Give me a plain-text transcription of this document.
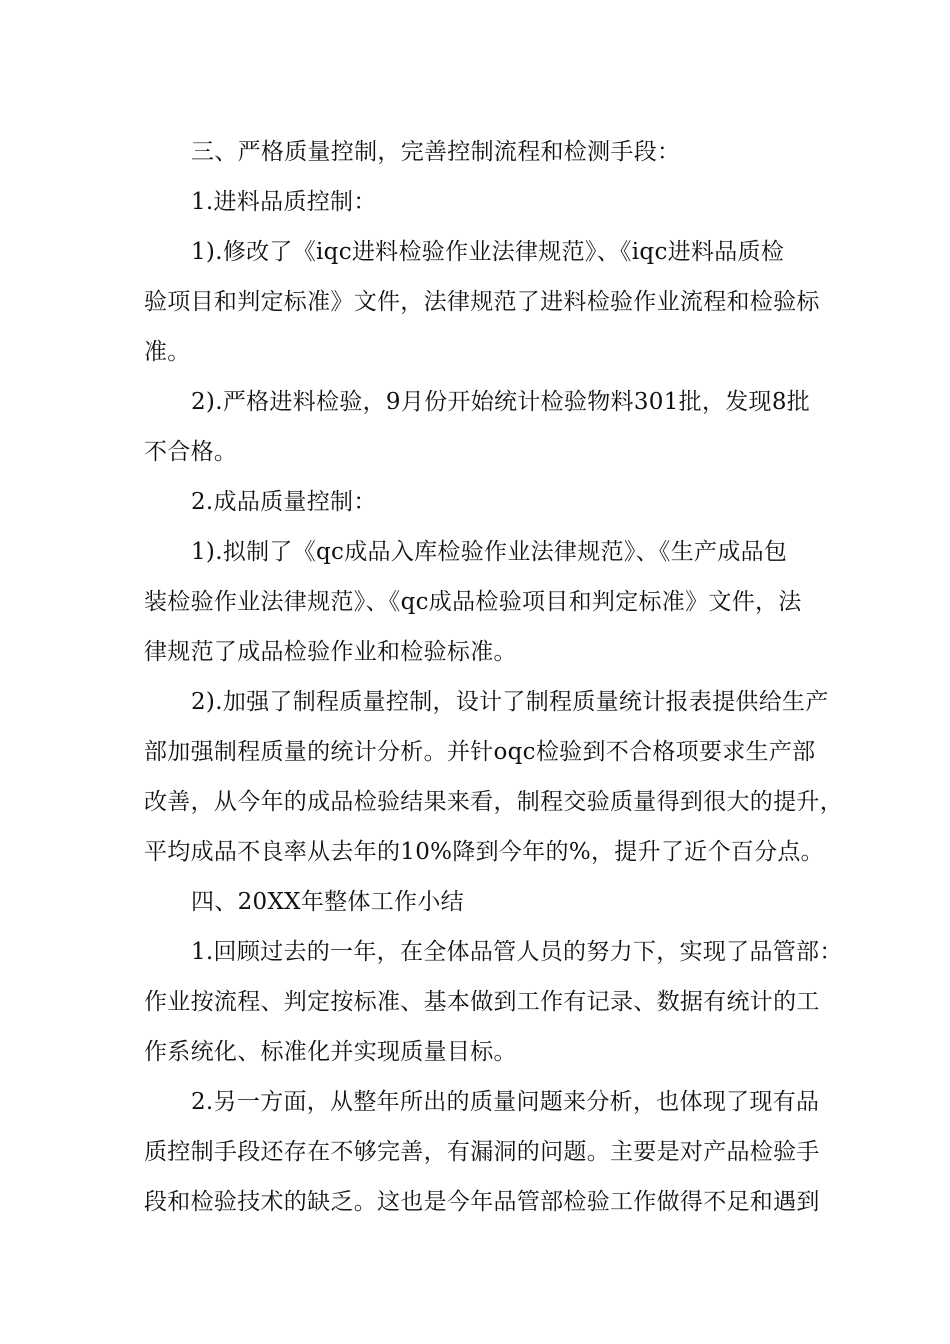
三、严格质量控制，完善控制流程和检测手段：
1.进料品质控制：
1).修改了《iqc进料检验作业法律规范》、《iqc进料品质检
验项目和判定标准》文件，法律规范了进料检验作业流程和检验标
准。
2).严格进料检验，9月份开始统计检验物料301批，发现8批
不合格。
2.成品质量控制：
1).拟制了《qc成品入库检验作业法律规范》、《生产成品包
装检验作业法律规范》、《qc成品检验项目和判定标准》文件，法
律规范了成品检验作业和检验标准。
2).加强了制程质量控制，设计了制程质量统计报表提供给生产
部加强制程质量的统计分析。并针oqc检验到不合格项要求生产部
改善，从今年的成品检验结果来看，制程交验质量得到很大的提升，
平均成品不良率从去年的10%降到今年的%，提升了近个百分点。
四、20XX年整体工作小结
1.回顾过去的一年，在全体品管人员的努力下，实现了品管部：
作业按流程、判定按标准、基本做到工作有记录、数据有统计的工
作系统化、标准化并实现质量目标。
2.另一方面，从整年所出的质量问题来分析，也体现了现有品
质控制手段还存在不够完善，有漏洞的问题。主要是对产品检验手
段和检验技术的缺乏。这也是今年品管部检验工作做得不足和遇到
